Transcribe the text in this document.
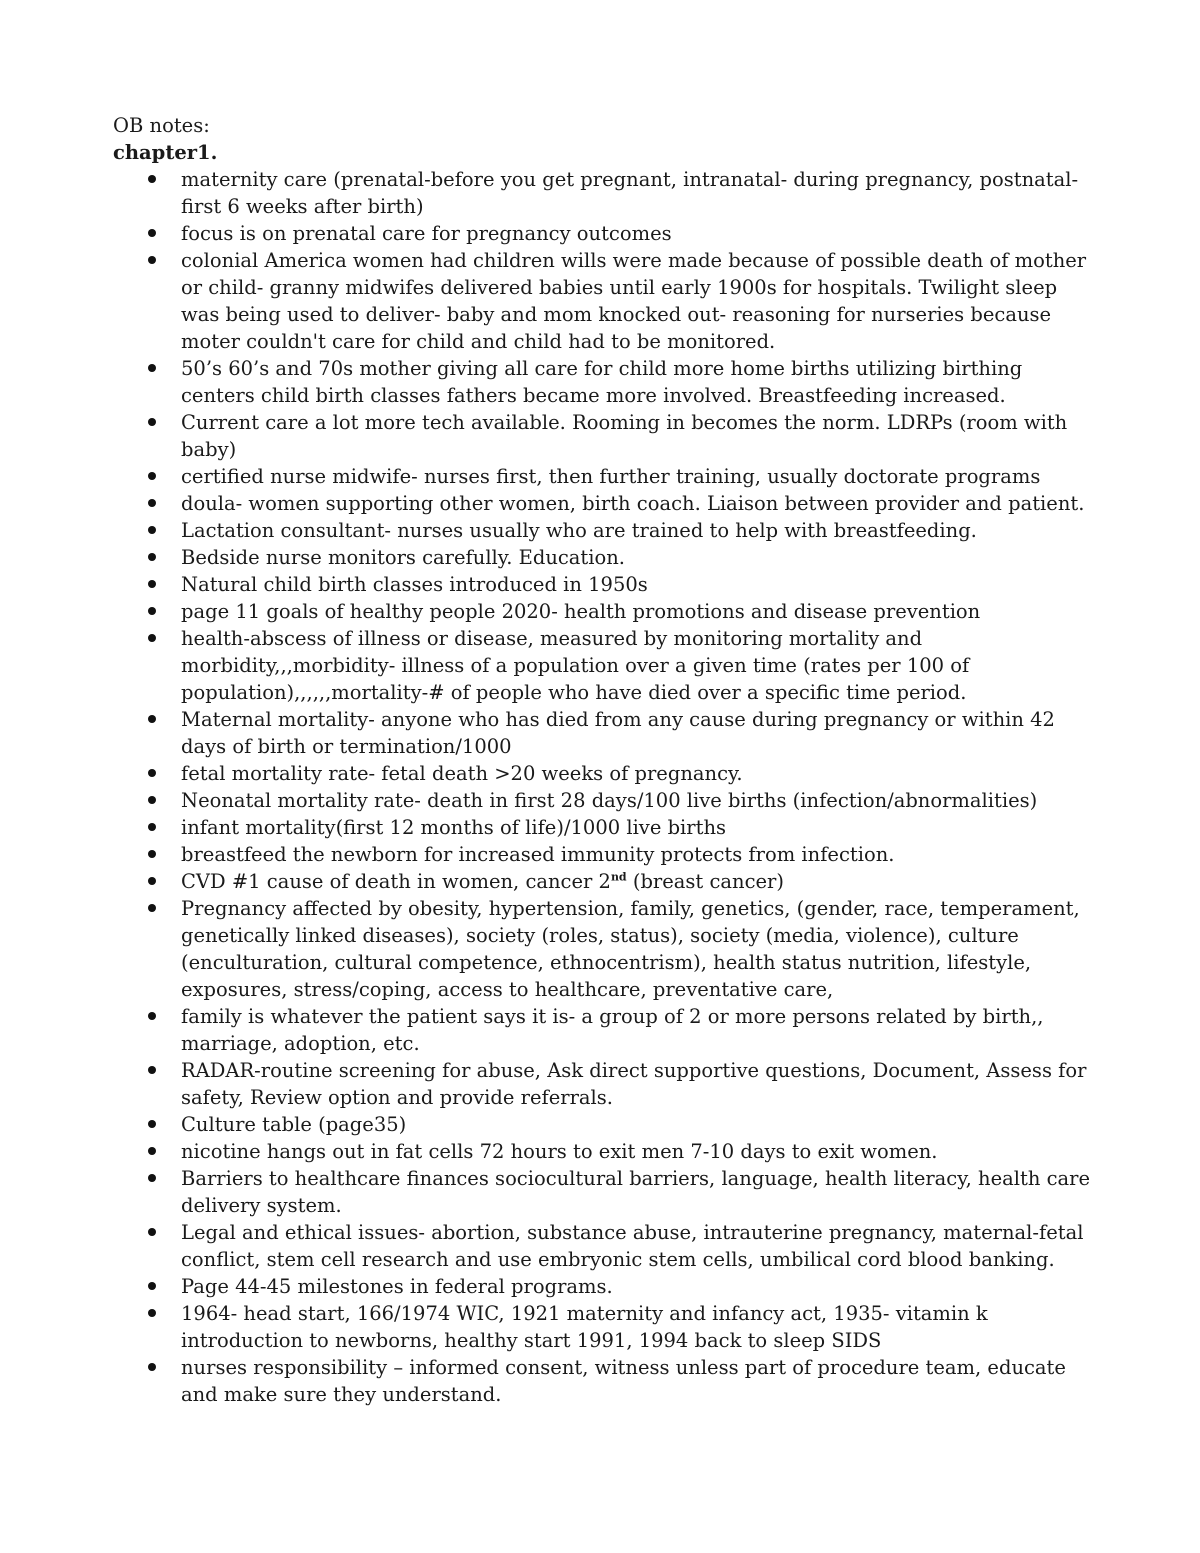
OB notes:

chapter1.

maternity care (prenatal-before you get pregnant, intranatal- during pregnancy, postnatal-first 6 weeks after birth)
focus is on prenatal care for pregnancy outcomes
colonial America women had children wills were made because of possible death of mother or child- granny midwifes delivered babies until early 1900s for hospitals. Twilight sleep was being used to deliver- baby and mom knocked out- reasoning for nurseries because moter couldn't care for child and child had to be monitored.
50’s 60’s and 70s mother giving all care for child more home births utilizing birthing centers child birth classes fathers became more involved. Breastfeeding increased.
Current care a lot more tech available. Rooming in becomes the norm. LDRPs (room with baby)
certified nurse midwife- nurses first, then further training, usually doctorate programs
doula- women supporting other women, birth coach. Liaison between provider and patient.
Lactation consultant- nurses usually who are trained to help with breastfeeding.
Bedside nurse monitors carefully. Education.
Natural child birth classes introduced in 1950s
page 11 goals of healthy people 2020- health promotions and disease prevention
health-abscess of illness or disease, measured by monitoring mortality and morbidity,,,morbidity- illness of a population over a given time (rates per 100 of population),,,,,,mortality-# of people who have died over a specific time period.
Maternal mortality- anyone who has died from any cause during pregnancy or within 42 days of birth or termination/1000
fetal mortality rate- fetal death >20 weeks of pregnancy.
Neonatal mortality rate- death in first 28 days/100 live births (infection/abnormalities)
infant mortality(first 12 months of life)/1000 live births
breastfeed the newborn for increased immunity protects from infection.
CVD #1 cause of death in women, cancer 2nd (breast cancer)
Pregnancy affected by obesity, hypertension, family, genetics, (gender, race, temperament, genetically linked diseases), society (roles, status), society (media, violence), culture (enculturation, cultural competence, ethnocentrism), health status nutrition, lifestyle, exposures, stress/coping, access to healthcare, preventative care,
family is whatever the patient says it is- a group of 2 or more persons related by birth,, marriage, adoption, etc.
RADAR-routine screening for abuse, Ask direct supportive questions, Document, Assess for safety, Review option and provide referrals.
Culture table (page35)
nicotine hangs out in fat cells 72 hours to exit men 7-10 days to exit women.
Barriers to healthcare finances sociocultural barriers, language, health literacy, health care delivery system.
Legal and ethical issues- abortion, substance abuse, intrauterine pregnancy, maternal-fetal conflict, stem cell research and use embryonic stem cells, umbilical cord blood banking.
Page 44-45 milestones in federal programs.
1964- head start, 166/1974 WIC, 1921 maternity and infancy act, 1935- vitamin k introduction to newborns, healthy start 1991, 1994 back to sleep SIDS
nurses responsibility – informed consent, witness unless part of procedure team, educate and make sure they understand.
